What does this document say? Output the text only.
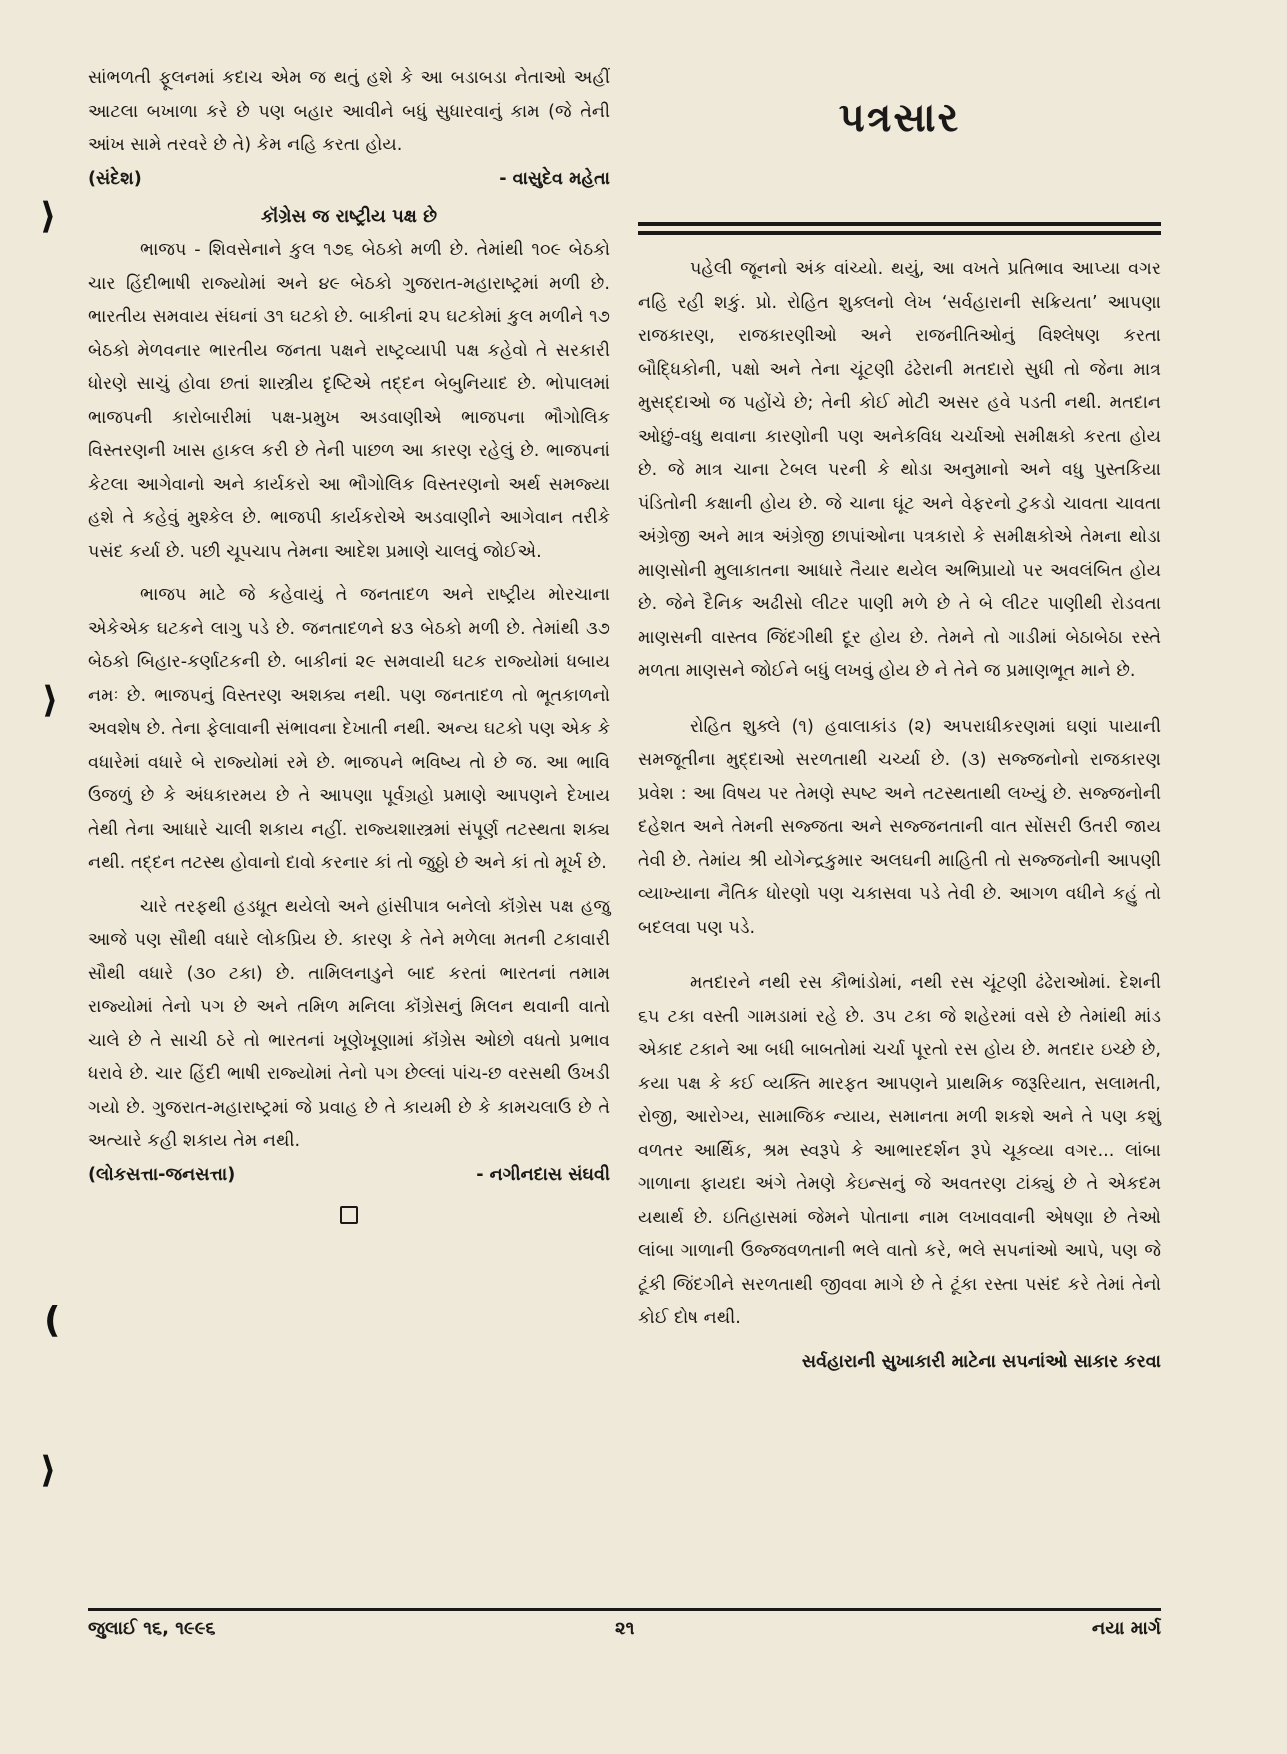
સાંભળતી ફૂલનમાં કદાચ એમ જ થતું હશે કે આ બડાબડા નેતાઓ અહીં આટલા બખાળા કરે છે પણ બહાર આવીને બધું સુધારવાનું કામ (જે તેની આંખ સામે તરવરે છે તે) કેમ નહિ કરતા હોય.

(સંદેશ)	- વાસુદેવ મહેતા
કૉંગ્રેસ જ રાષ્ટ્રીય પક્ષ છે

ભાજપ - શિવસેનાને કુલ ૧૭૬ બેઠકો મળી છે. તેમાંથી ૧૦૯ બેઠકો ચાર હિંદીભાષી રાજ્યોમાં અને ૪૯ બેઠકો ગુજરાત-મહારાષ્ટ્રમાં મળી છે. ભારતીય સમવાય સંઘનાં ૩૧ ઘટકો છે. બાકીનાં ૨૫ ઘટકોમાં કુલ મળીને ૧૭ બેઠકો મેળવનાર ભારતીય જનતા પક્ષને રાષ્ટ્રવ્યાપી પક્ષ કહેવો તે સરકારી ધોરણે સાચું હોવા છતાં શાસ્ત્રીય દૃષ્ટિએ તદ્દન બેબુનિયાદ છે. ભોપાલમાં ભાજપની કારોબારીમાં પક્ષ-પ્રમુખ અડવાણીએ ભાજપના ભૌગોલિક વિસ્તરણની ખાસ હાકલ કરી છે તેની પાછળ આ કારણ રહેલું છે. ભાજપનાં કેટલા આગેવાનો અને કાર્યકરો આ ભૌગોલિક વિસ્તરણનો અર્થ સમજ્યા હશે તે કહેવું મુશ્કેલ છે. ભાજપી કાર્યકરોએ અડવાણીને આગેવાન તરીકે પસંદ કર્યા છે. પછી ચૂપચાપ તેમના આદેશ પ્રમાણે ચાલવું જોઈએ.

ભાજપ માટે જે કહેવાયું તે જનતાદળ અને રાષ્ટ્રીય મોરચાના એકેએક ઘટકને લાગુ પડે છે. જનતાદળને ૪૩ બેઠકો મળી છે. તેમાંથી ૩૭ બેઠકો બિહાર-કર્ણાટકની છે. બાકીનાં ૨૯ સમવાયી ઘટક રાજ્યોમાં ધબાય નમઃ છે. ભાજપનું વિસ્તરણ અશક્ય નથી. પણ જનતાદળ તો ભૂતકાળનો અવશેષ છે. તેના ફેલાવાની સંભાવના દેખાતી નથી. અન્ય ઘટકો પણ એક કે વધારેમાં વધારે બે રાજ્યોમાં રમે છે. ભાજપને ભવિષ્ય તો છે જ. આ ભાવિ ઉજળું છે કે અંધકારમય છે તે આપણા પૂર્વગ્રહો પ્રમાણે આપણને દેખાય તેથી તેના આધારે ચાલી શકાય નહીં. રાજ્યશાસ્ત્રમાં સંપૂર્ણ તટસ્થતા શક્ય નથી. તદ્દન તટસ્થ હોવાનો દાવો કરનાર કાં તો જુઠ્ઠો છે અને કાં તો મૂર્ખ છે.

ચારે તરફથી હડધૂત થયેલો અને હાંસીપાત્ર બનેલો કૉંગ્રેસ પક્ષ હજુ આજે પણ સૌથી વધારે લોકપ્રિય છે. કારણ કે તેને મળેલા મતની ટકાવારી સૌથી વધારે (૩૦ ટકા) છે. તામિલનાડુને બાદ કરતાં ભારતનાં તમામ રાજ્યોમાં તેનો પગ છે અને તમિળ મનિલા કૉંગ્રેસનું મિલન થવાની વાતો ચાલે છે તે સાચી ઠરે તો ભારતનાં ખૂણેખૂણામાં કૉંગ્રેસ ઓછો વધતો પ્રભાવ ધરાવે છે. ચાર હિંદી ભાષી રાજ્યોમાં તેનો પગ છેલ્લાં પાંચ-છ વરસથી ઉખડી ગયો છે. ગુજરાત-મહારાષ્ટ્રમાં જે પ્રવાહ છે તે કાયમી છે કે કામચલાઉ છે તે અત્યારે કહી શકાય તેમ નથી.

(લોકસત્તા-જનસત્તા)	- નગીનદાસ સંઘવી
પત્રસાર

પહેલી જૂનનો અંક વાંચ્યો. થયું, આ વખતે પ્રતિભાવ આપ્યા વગર નહિ રહી શકું. પ્રો. રોહિત શુક્લનો લેખ ‘સર્વહારાની સક્રિયતા’ આપણા રાજકારણ, રાજકારણીઓ અને રાજનીતિઓનું વિશ્લેષણ કરતા બૌદ્ધિકોની, પક્ષો અને તેના ચૂંટણી ઢંઢેરાની મતદારો સુધી તો જેના માત્ર મુસદ્દાઓ જ પહોંચે છે; તેની કોઈ મોટી અસર હવે પડતી નથી. મતદાન ઓછું-વધુ થવાના કારણોની પણ અનેકવિધ ચર્ચાઓ સમીક્ષકો કરતા હોય છે. જે માત્ર ચાના ટેબલ પરની કે થોડા અનુમાનો અને વધુ પુસ્તકિયા પંડિતોની કક્ષાની હોય છે. જે ચાના ઘૂંટ અને વેફરનો ટુકડો ચાવતા ચાવતા અંગ્રેજી અને માત્ર અંગ્રેજી છાપાંઓના પત્રકારો કે સમીક્ષકોએ તેમના થોડા માણસોની મુલાકાતના આધારે તૈયાર થયેલ અભિપ્રાયો પર અવલંબિત હોય છે. જેને દૈનિક અઢીસો લીટર પાણી મળે છે તે બે લીટર પાણીથી રોડવતા માણસની વાસ્તવ જિંદગીથી દૂર હોય છે. તેમને તો ગાડીમાં બેઠાબેઠા રસ્તે મળતા માણસને જોઈને બધું લખવું હોય છે ને તેને જ પ્રમાણભૂત માને છે.

રોહિત શુક્લે (૧) હવાલાકાંડ (૨) અપરાધીકરણમાં ઘણાં પાયાની સમજૂતીના મુદ્દાઓ સરળતાથી ચર્ચ્યા છે. (૩) સજ્જનોનો રાજકારણ પ્રવેશ : આ વિષય પર તેમણે સ્પષ્ટ અને તટસ્થતાથી લખ્યું છે. સજ્જનોની દહેશત અને તેમની સજ્જતા અને સજ્જનતાની વાત સોંસરી ઉતરી જાય તેવી છે. તેમાંય શ્રી યોગેન્દ્રકુમાર અલઘની માહિતી તો સજ્જનોની આપણી વ્યાખ્યાના નૈતિક ધોરણો પણ ચકાસવા પડે તેવી છે. આગળ વધીને કહું તો બદલવા પણ પડે.

મતદારને નથી રસ કૌભાંડોમાં, નથી રસ ચૂંટણી ઢંઢેરાઓમાં. દેશની ૬૫ ટકા વસ્તી ગામડામાં રહે છે. ૩૫ ટકા જે શહેરમાં વસે છે તેમાંથી માંડ એકાદ ટકાને આ બધી બાબતોમાં ચર્ચા પૂરતો રસ હોય છે. મતદાર ઇચ્છે છે, કયા પક્ષ કે કઈ વ્યક્તિ મારફત આપણને પ્રાથમિક જરૂરિયાત, સલામતી, રોજી, આરોગ્ય, સામાજિક ન્યાય, સમાનતા મળી શકશે અને તે પણ કશું વળતર આર્થિક, શ્રમ સ્વરૂપે કે આભારદર્શન રૂપે ચૂકવ્યા વગર... લાંબા ગાળાના ફાયદા અંગે તેમણે કેઇન્સનું જે અવતરણ ટાંક્યું છે તે એકદમ યથાર્થ છે. ઇતિહાસમાં જેમને પોતાના નામ લખાવવાની એષણા છે તેઓ લાંબા ગાળાની ઉજ્જવળતાની ભલે વાતો કરે, ભલે સપનાંઓ આપે, પણ જે ટૂંકી જિંદગીને સરળતાથી જીવવા માગે છે તે ટૂંકા રસ્તા પસંદ કરે તેમાં તેનો કોઈ દોષ નથી.

સર્વહારાની સુખાકારી માટેના સપનાંઓ સાકાર કરવા

⟩
⟩
(
⟩
જુલાઈ ૧૬, ૧૯૯૬	૨૧	નયા માર્ગ
